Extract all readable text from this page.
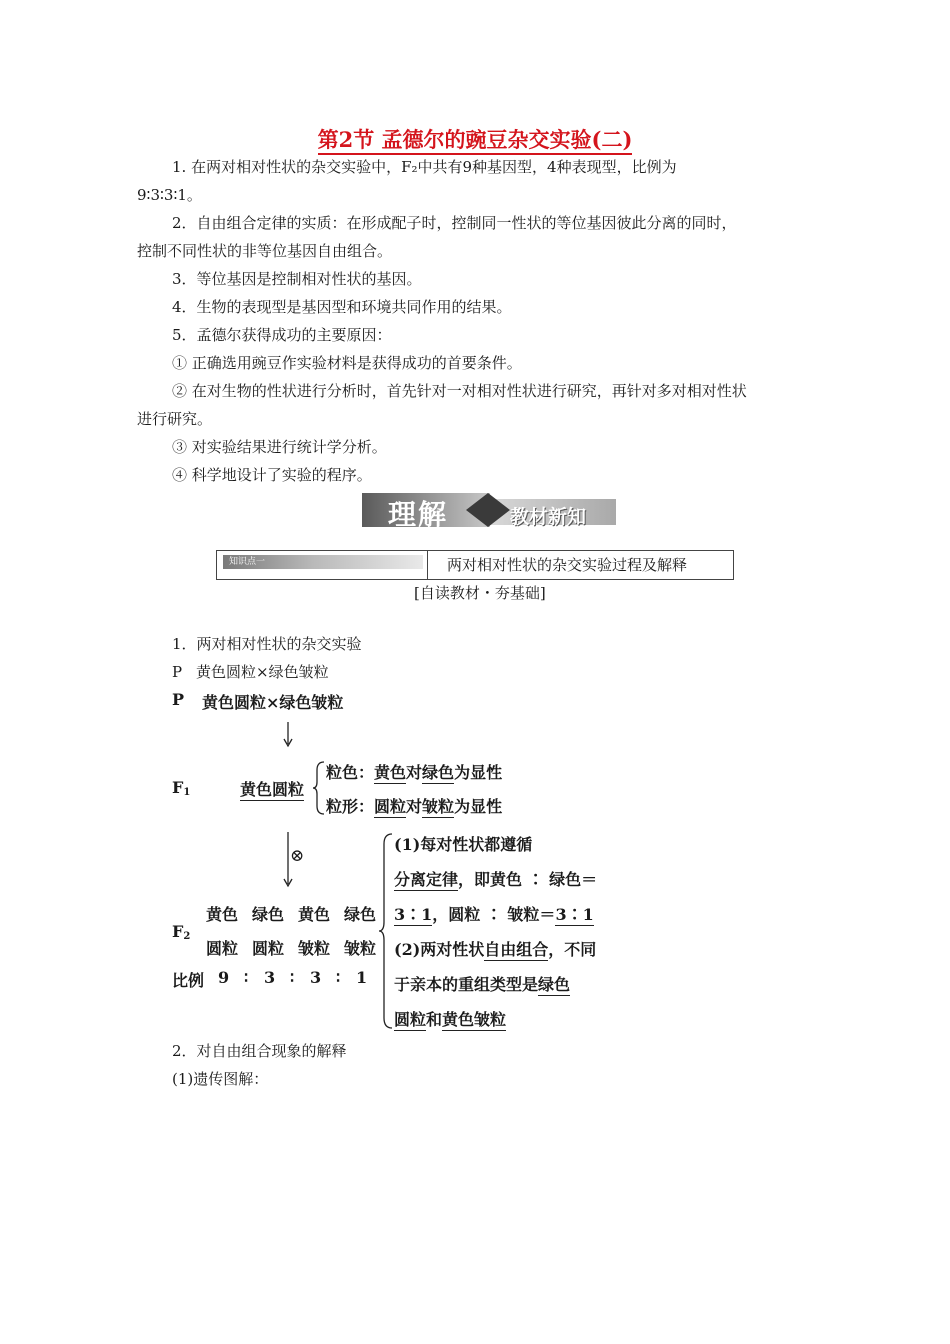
第2节 孟德尔的豌豆杂交实验(二)
1. 在两对相对性状的杂交实验中，F₂中共有9种基因型，4种表现型，比例为
9∶3∶3∶1。
2．自由组合定律的实质：在形成配子时，控制同一性状的等位基因彼此分离的同时，
控制不同性状的非等位基因自由组合。
3．等位基因是控制相对性状的基因。
4．生物的表现型是基因型和环境共同作用的结果。
5．孟德尔获得成功的主要原因：
① 正确选用豌豆作实验材料是获得成功的首要条件。
② 在对生物的性状进行分析时，首先针对一对相对性状进行研究，再针对多对相对性状
进行研究。
③ 对实验结果进行统计学分析。
④ 科学地设计了实验的程序。
理解	教材新知
知识点一	两对相对性状的杂交实验过程及解释
[自读教材・夯基础]
1．两对相对性状的杂交实验
P 黄色圆粒×绿色皱粒
P 黄色圆粒×绿色皱粒
$F_1$	黄色圆粒
粒色：黄色对绿色为显性
粒形：圆粒对皱粒为显性
⊗
黄色 绿色 黄色 绿色
$F_2$
圆粒 圆粒 皱粒 皱粒
比例 9 ∶ 3 ∶ 3 ∶ 1
(1)每对性状都遵循
分离定律，即黄色 ∶ 绿色＝
3∶1，圆粒 ∶ 皱粒＝3∶1
(2)两对性状自由组合，不同
于亲本的重组类型是绿色
圆粒和黄色皱粒
2．对自由组合现象的解释
(1)遗传图解：
